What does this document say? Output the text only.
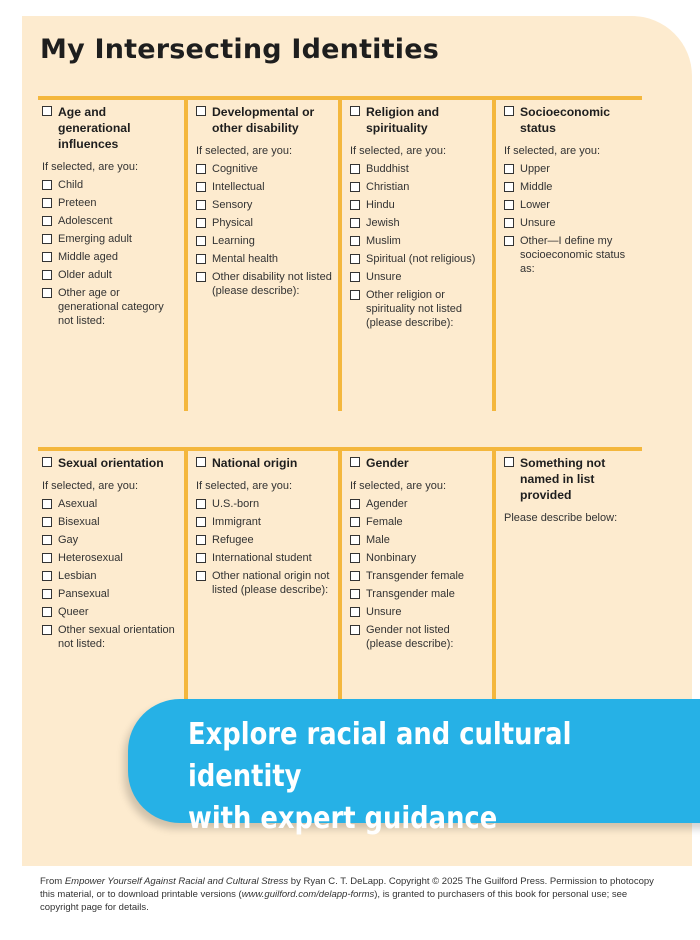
My Intersecting Identities
Age and generational influences
If selected, are you:
Child
Preteen
Adolescent
Emerging adult
Middle aged
Older adult
Other age or generational category not listed:
Developmental or other disability
If selected, are you:
Cognitive
Intellectual
Sensory
Physical
Learning
Mental health
Other disability not listed (please describe):
Religion and spirituality
If selected, are you:
Buddhist
Christian
Hindu
Jewish
Muslim
Spiritual (not religious)
Unsure
Other religion or spirituality not listed (please describe):
Socioeconomic status
If selected, are you:
Upper
Middle
Lower
Unsure
Other—I define my socioeconomic status as:
Sexual orientation
If selected, are you:
Asexual
Bisexual
Gay
Heterosexual
Lesbian
Pansexual
Queer
Other sexual orientation not listed:
National origin
If selected, are you:
U.S.-born
Immigrant
Refugee
International student
Other national origin not listed (please describe):
Gender
If selected, are you:
Agender
Female
Male
Nonbinary
Transgender female
Transgender male
Unsure
Gender not listed (please describe):
Something not named in list provided
Please describe below:
Explore racial and cultural identity
with expert guidance
From Empower Yourself Against Racial and Cultural Stress by Ryan C. T. DeLapp. Copyright © 2025 The Guilford Press. Permission to photocopy this material, or to download printable versions (www.guilford.com/delapp-forms), is granted to purchasers of this book for personal use; see copyright page for details.
